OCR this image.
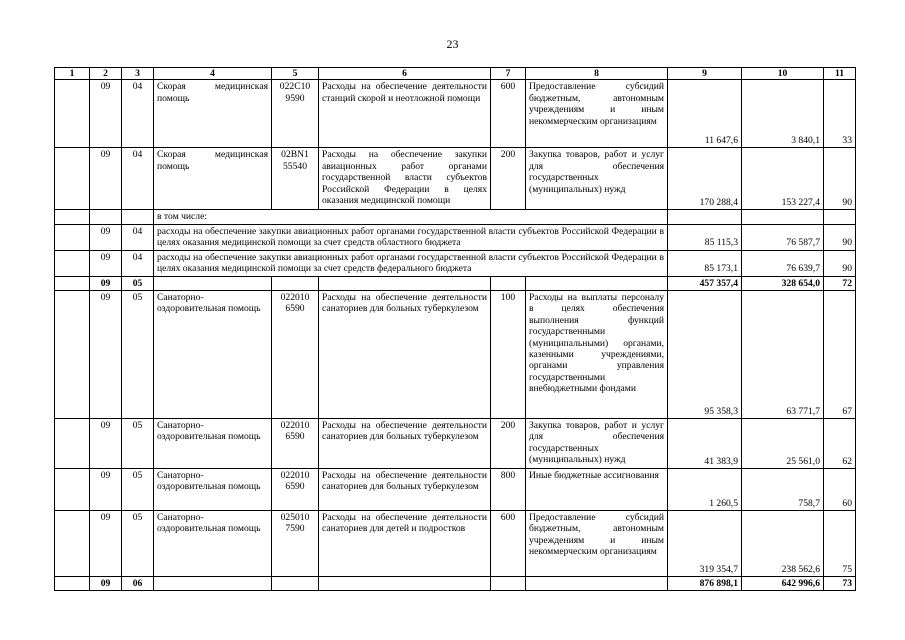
23
1	2	3	4	5	6	7	8	9	10	11
	09	04	Скорая медицинская помощь	022С10 9590	Расходы на обеспечение деятельности станций скорой и неотложной помощи	600	Предоставление субсидий бюджетным, автономным учреждениям и иным некоммерческим организациям	11 647,6	3 840,1	33
	09	04	Скорая медицинская помощь	02BN1 55540	Расходы на обеспечение закупки авиационных работ органами государственной власти субъектов Российской Федерации в целях оказания медицинской помощи	200	Закупка товаров, работ и услуг для обеспечения государственных (муниципальных) нужд	170 288,4	153 227,4	90
			в том числе:							
	09	04	расходы на обеспечение закупки авиационных работ органами государственной власти субъектов Российской Федерации в целях оказания медицинской помощи за счет средств областного бюджета					85 115,3	76 587,7	90
	09	04	расходы на обеспечение закупки авиационных работ органами государственной власти субъектов Российской Федерации в целях оказания медицинской помощи за счет средств федерального бюджета					85 173,1	76 639,7	90
	09	05						457 357,4	328 654,0	72
	09	05	Санаторно-оздоровительная помощь	022010 6590	Расходы на обеспечение деятельности санаториев для больных туберкулезом	100	Расходы на выплаты персоналу в целях обеспечения выполнения функций государственными (муниципальными) органами, казенными учреждениями, органами управления государственными внебюджетными фондами	95 358,3	63 771,7	67
	09	05	Санаторно-оздоровительная помощь	022010 6590	Расходы на обеспечение деятельности санаториев для больных туберкулезом	200	Закупка товаров, работ и услуг для обеспечения государственных (муниципальных) нужд	41 383,9	25 561,0	62
	09	05	Санаторно-оздоровительная помощь	022010 6590	Расходы на обеспечение деятельности санаториев для больных туберкулезом	800	Иные бюджетные ассигнования	1 260,5	758,7	60
	09	05	Санаторно-оздоровительная помощь	025010 7590	Расходы на обеспечение деятельности санаториев для детей и подростков	600	Предоставление субсидий бюджетным, автономным учреждениям и иным некоммерческим организациям	319 354,7	238 562,6	75
	09	06						876 898,1	642 996,6	73
